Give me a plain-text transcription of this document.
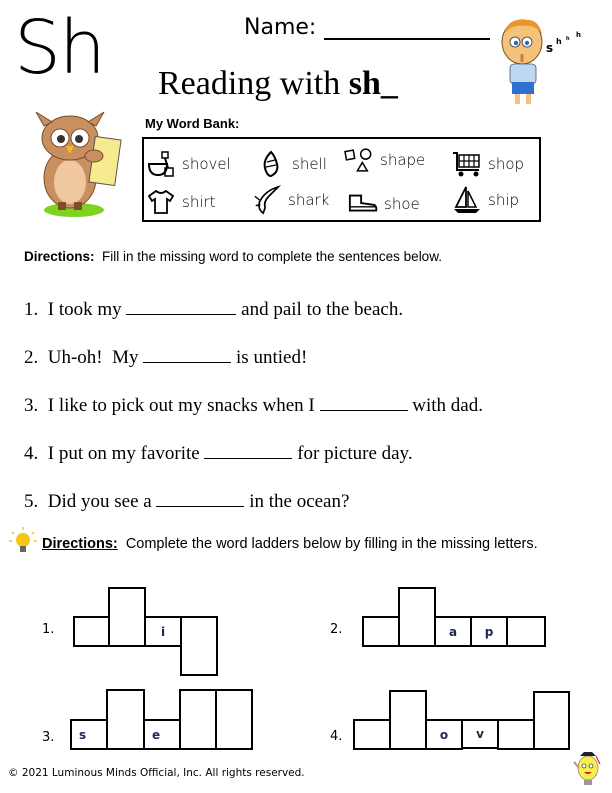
Sh	Name:
Reading with sh_
s h h h
My Word Bank:
shovel	shell	shape	shop
shirt	shark	shoe	ship
Directions: Fill in the missing word to complete the sentences below.
1. I took my	and pail to the beach.
2. Uh-oh!  My	is untied!
3. I like to pick out my snacks when I	with dad.
4. I put on my favorite	for picture day.
5. Did you see a	in the ocean?
Directions: Complete the word ladders below by filling in the missing letters.
1.	i	2.	a	p
3.	s	e	4.	o	v
© 2021 Luminous Minds Official, Inc. All rights reserved.
